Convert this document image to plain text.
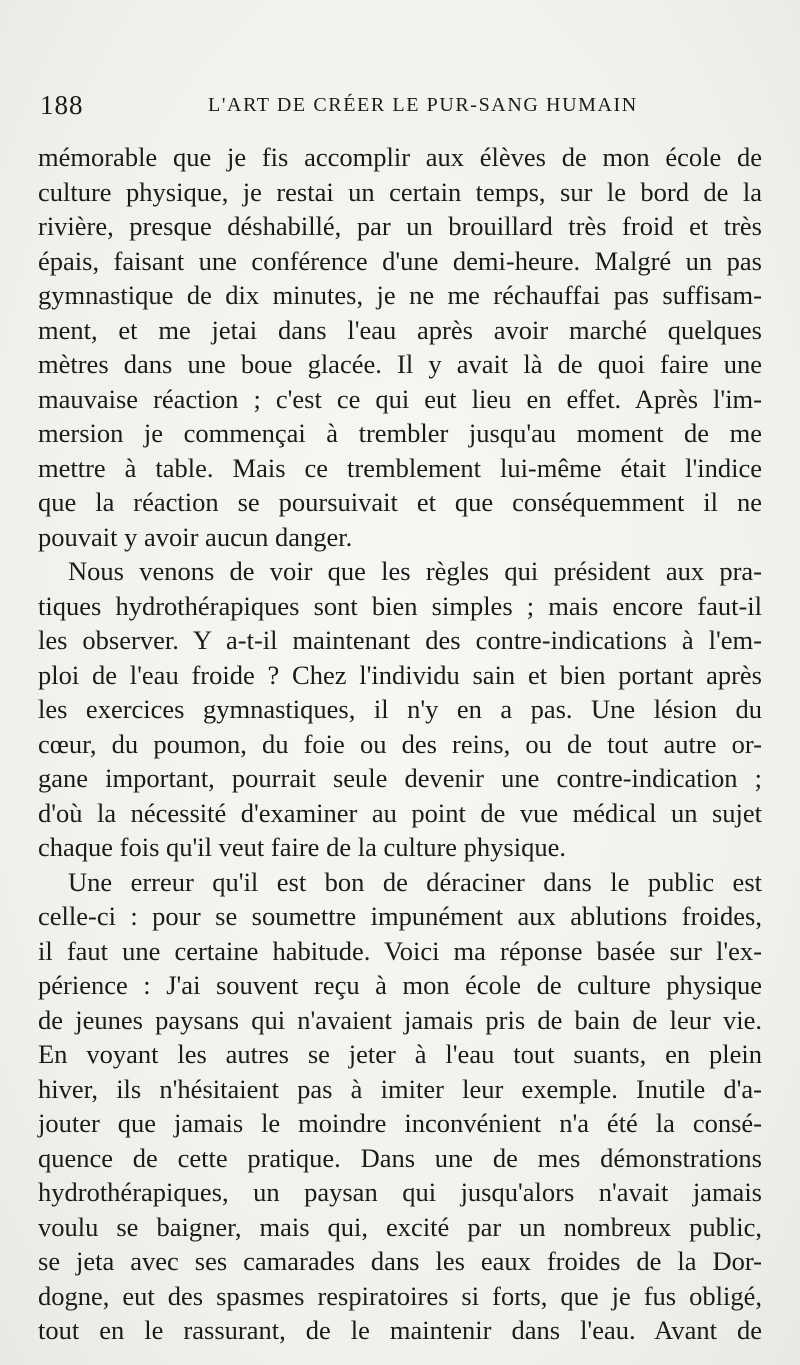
188	L'ART DE CRÉER LE PUR-SANG HUMAIN
mémorable que je fis accomplir aux élèves de mon école de
culture physique, je restai un certain temps, sur le bord de la
rivière, presque déshabillé, par un brouillard très froid et très
épais, faisant une conférence d'une demi-heure. Malgré un pas
gymnastique de dix minutes, je ne me réchauffai pas suffisam-
ment, et me jetai dans l'eau après avoir marché quelques
mètres dans une boue glacée. Il y avait là de quoi faire une
mauvaise réaction ; c'est ce qui eut lieu en effet. Après l'im-
mersion je commençai à trembler jusqu'au moment de me
mettre à table. Mais ce tremblement lui-même était l'indice
que la réaction se poursuivait et que conséquemment il ne
pouvait y avoir aucun danger.
Nous venons de voir que les règles qui président aux pra-
tiques hydrothérapiques sont bien simples ; mais encore faut-il
les observer. Y a-t-il maintenant des contre-indications à l'em-
ploi de l'eau froide ? Chez l'individu sain et bien portant après
les exercices gymnastiques, il n'y en a pas. Une lésion du
cœur, du poumon, du foie ou des reins, ou de tout autre or-
gane important, pourrait seule devenir une contre-indication ;
d'où la nécessité d'examiner au point de vue médical un sujet
chaque fois qu'il veut faire de la culture physique.
Une erreur qu'il est bon de déraciner dans le public est
celle-ci : pour se soumettre impunément aux ablutions froides,
il faut une certaine habitude. Voici ma réponse basée sur l'ex-
périence : J'ai souvent reçu à mon école de culture physique
de jeunes paysans qui n'avaient jamais pris de bain de leur vie.
En voyant les autres se jeter à l'eau tout suants, en plein
hiver, ils n'hésitaient pas à imiter leur exemple. Inutile d'a-
jouter que jamais le moindre inconvénient n'a été la consé-
quence de cette pratique. Dans une de mes démonstrations
hydrothérapiques, un paysan qui jusqu'alors n'avait jamais
voulu se baigner, mais qui, excité par un nombreux public,
se jeta avec ses camarades dans les eaux froides de la Dor-
dogne, eut des spasmes respiratoires si forts, que je fus obligé,
tout en le rassurant, de le maintenir dans l'eau. Avant de
